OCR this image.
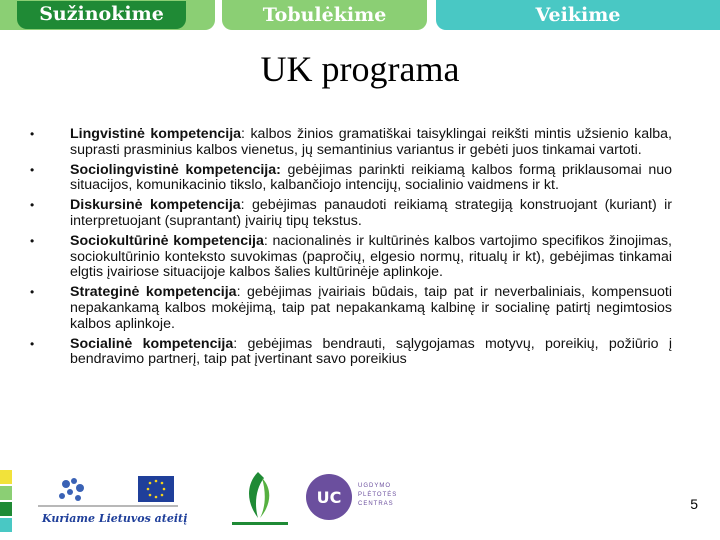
Sužinokime	Tobulėkime	Veikime
UK programa
•	Lingvistinė kompetencija: kalbos žinios gramatiškai taisyklingai reikšti mintis užsienio kalba, suprasti prasminius kalbos vienetus, jų semantinius variantus ir gebėti juos tinkamai vartoti.
•	Sociolingvistinė kompetencija: gebėjimas parinkti reikiamą kalbos formą priklausomai nuo situacijos, komunikacinio tikslo, kalbančiojo intencijų, socialinio vaidmens ir kt.
•	Diskursinė kompetencija: gebėjimas panaudoti reikiamą strategiją konstruojant (kuriant) ir interpretuojant (suprantant) įvairių tipų tekstus.
•	Sociokultūrinė kompetencija: nacionalinės ir kultūrinės kalbos vartojimo specifikos žinojimas, sociokultūrinio konteksto suvokimas (papročių, elgesio normų, ritualų ir kt), gebėjimas tinkamai elgtis įvairiose situacijoje kalbos šalies kultūrinėje aplinkoje.
•	Strateginė kompetencija: gebėjimas įvairiais būdais, taip pat ir neverbaliniais, kompensuoti nepakankamą kalbos mokėjimą, taip pat nepakankamą kalbinę ir socialinę patirtį negimtosios kalbos aplinkoje.
•	Socialinė kompetencija: gebėjimas bendrauti, sąlygojamas motyvų, poreikių, požiūrio į bendravimo partnerį, taip pat įvertinant savo poreikius
Kuriame Lietuvos ateitį
UC
UGDYMO PLĖTOTĖS CENTRAS	5
